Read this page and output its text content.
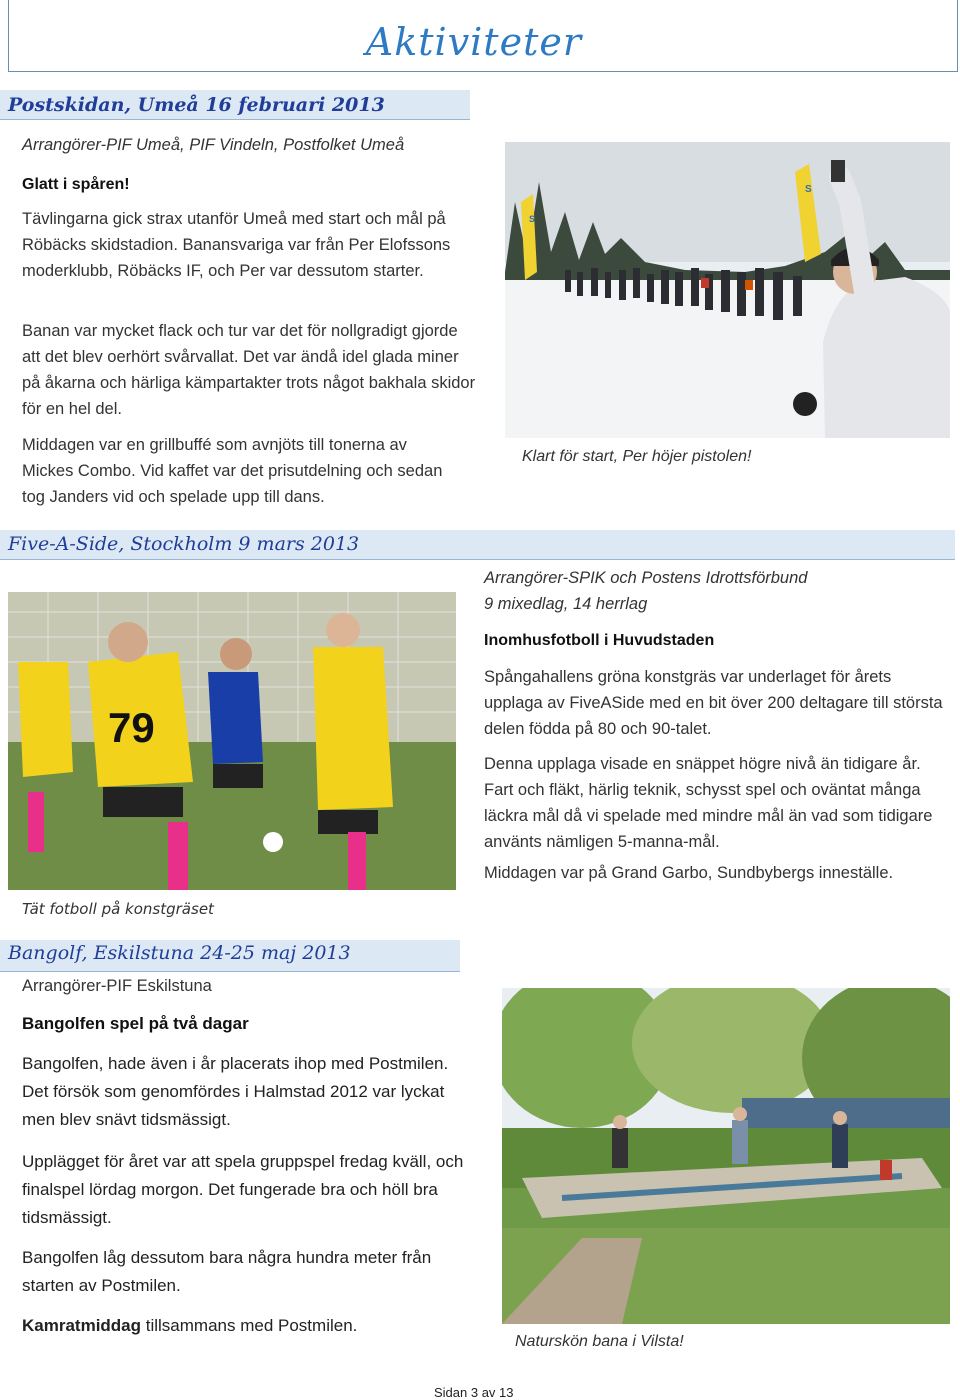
Aktiviteter
Postskidan, Umeå 16 februari 2013
Arrangörer-PIF Umeå, PIF Vindeln, Postfolket Umeå
Glatt i spåren!
Tävlingarna gick strax utanför Umeå med start och mål på Röbäcks skidstadion. Banansvariga var från Per Elofssons moderklubb, Röbäcks IF, och Per var dessutom starter.
Banan var mycket flack och tur var det för nollgradigt gjorde att det blev oerhört svårvallat. Det var ändå idel glada miner på åkarna och härliga kämpartakter trots något bakhala skidor för en hel del.
Middagen var en grillbuffé som avnjöts till tonerna av Mickes Combo. Vid kaffet var det prisutdelning och sedan tog Janders vid och spelade upp till dans.
S
S
Klart för start, Per höjer pistolen!
Five-A-Side, Stockholm 9 mars 2013
79
Tät fotboll på konstgräset
Arrangörer-SPIK och Postens Idrottsförbund
9 mixedlag, 14 herrlag
Inomhusfotboll i Huvudstaden
Spångahallens gröna konstgräs var underlaget för årets upplaga av FiveASide med en bit över 200 deltagare till största delen födda på 80 och 90-talet.
Denna upplaga visade en snäppet högre nivå än tidigare år. Fart och fläkt, härlig teknik, schysst spel och oväntat många läckra mål då vi spelade med mindre mål än vad som tidigare använts nämligen 5-manna-mål.
Middagen var på Grand Garbo, Sundbybergs inneställe.
Bangolf, Eskilstuna 24-25 maj 2013
Arrangörer-PIF Eskilstuna
Bangolfen spel på två dagar
Bangolfen, hade även i år placerats ihop med Postmilen. Det försök som genomfördes i Halmstad 2012 var lyckat men blev snävt tidsmässigt.
Upplägget för året var att spela gruppspel fredag kväll, och finalspel lördag morgon. Det fungerade bra och höll bra tidsmässigt.
Bangolfen låg dessutom bara några hundra meter från starten av Postmilen.
Kamratmiddag tillsammans med Postmilen.
Naturskön bana i Vilsta!
Sidan 3 av 13
